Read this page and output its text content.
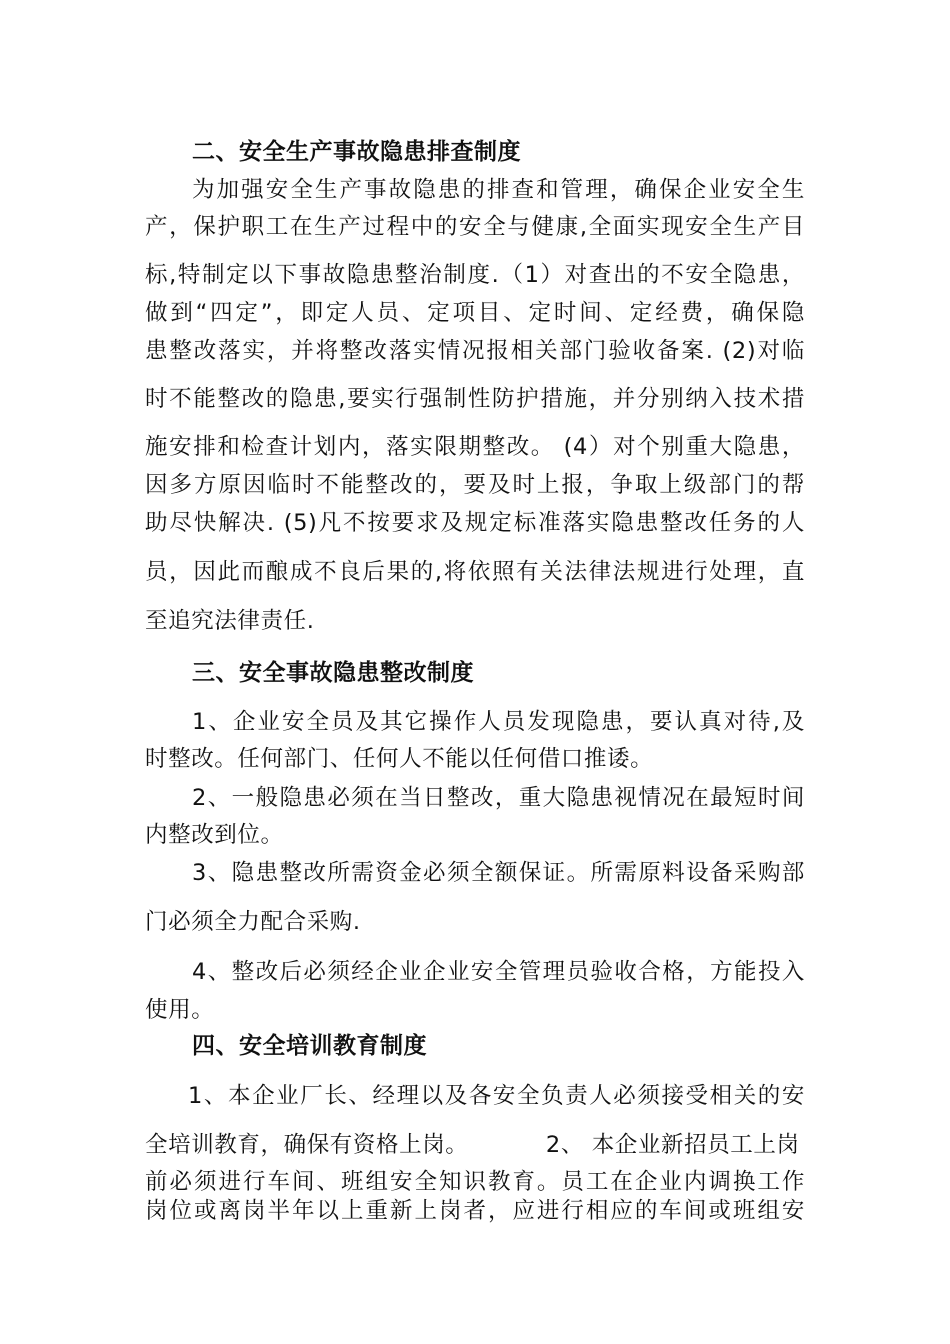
二、安全生产事故隐患排查制度
为加强安全生产事故隐患的排查和管理，确保企业安全生
产，保护职工在生产过程中的安全与健康,全面实现安全生产目
标,特制定以下事故隐患整治制度.（1）对查出的不安全隐患，
做到“四定”，即定人员、定项目、定时间、定经费，确保隐
患整改落实，并将整改落实情况报相关部门验收备案. (2)对临
时不能整改的隐患,要实行强制性防护措施，并分别纳入技术措
施安排和检查计划内，落实限期整改。 (4）对个别重大隐患，
因多方原因临时不能整改的，要及时上报，争取上级部门的帮
助尽快解决. (5)凡不按要求及规定标准落实隐患整改任务的人
员，因此而酿成不良后果的,将依照有关法律法规进行处理，直
至追究法律责任.
三、安全事故隐患整改制度
1、企业安全员及其它操作人员发现隐患，要认真对待,及
时整改。任何部门、任何人不能以任何借口推诿。
2、一般隐患必须在当日整改，重大隐患视情况在最短时间
内整改到位。
3、隐患整改所需资金必须全额保证。所需原料设备采购部
门必须全力配合采购.
4、整改后必须经企业企业安全管理员验收合格，方能投入
使用。
四、安全培训教育制度
1、本企业厂长、经理以及各安全负责人必须接受相关的安
全培训教育，确保有资格上岗。          2、 本企业新招员工上岗
前必须进行车间、班组安全知识教育。员工在企业内调换工作
岗位或离岗半年以上重新上岗者，应进行相应的车间或班组安
